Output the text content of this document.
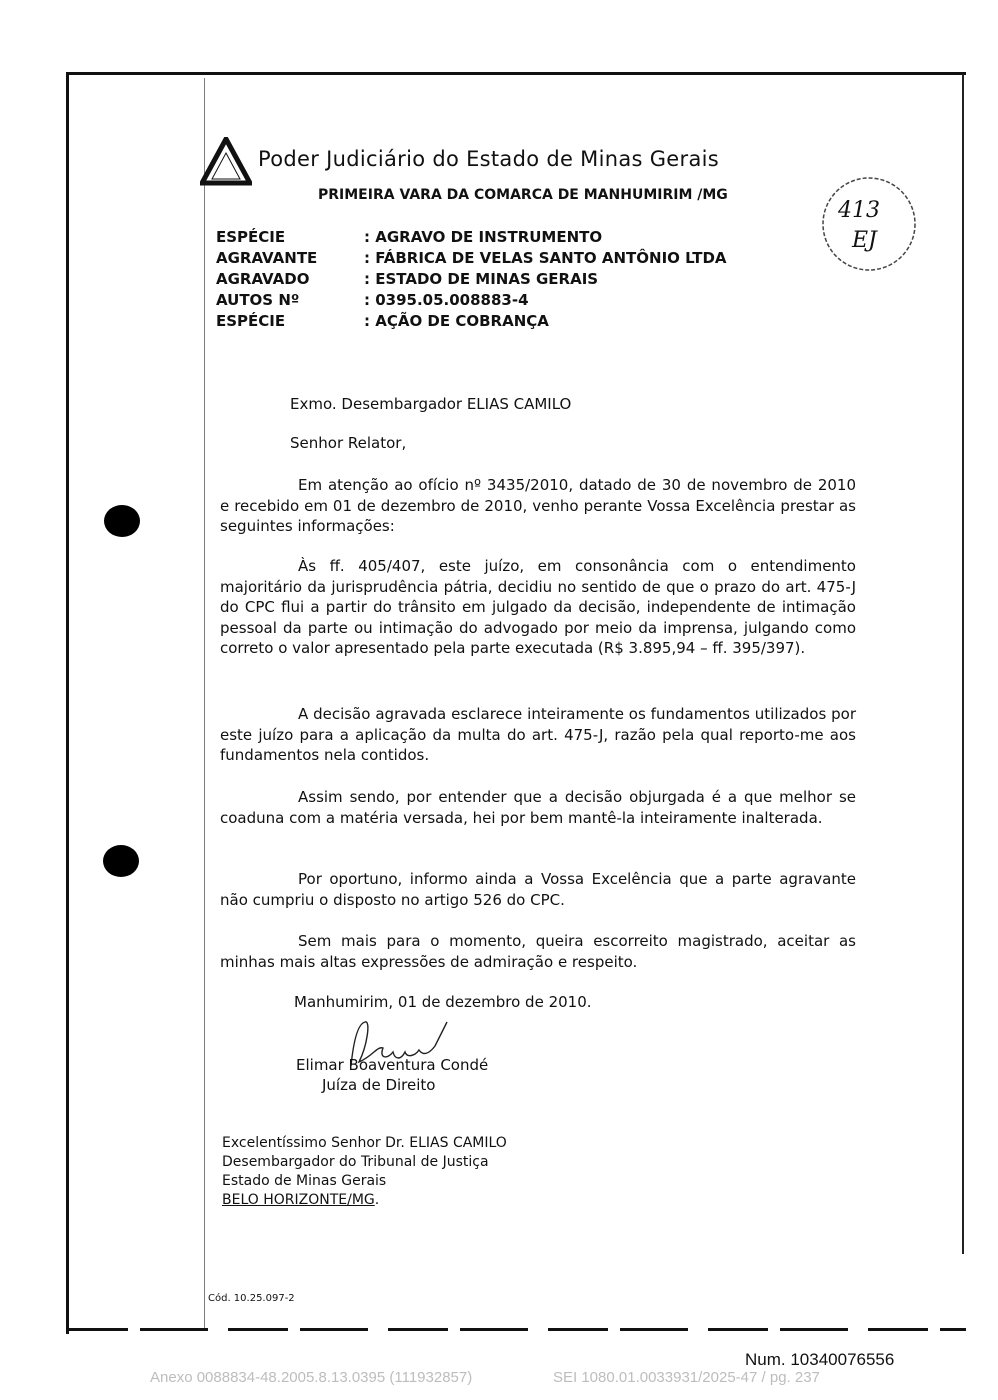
Poder Judiciário do Estado de Minas Gerais
PRIMEIRA VARA DA COMARCA DE MANHUMIRIM /MG
413
EJ
ESPÉCIE	: AGRAVO DE INSTRUMENTO
AGRAVANTE	: FÁBRICA DE VELAS SANTO ANTÔNIO LTDA
AGRAVADO	: ESTADO DE MINAS GERAIS
AUTOS Nº	: 0395.05.008883-4
ESPÉCIE	: AÇÃO DE COBRANÇA
Exmo. Desembargador ELIAS CAMILO
Senhor Relator,
Em atenção ao ofício nº 3435/2010, datado de 30 de novembro de 2010 e recebido em 01 de dezembro de 2010, venho perante Vossa Excelência prestar as seguintes informações:
Às ff. 405/407, este juízo, em consonância com o entendimento majoritário da jurisprudência pátria, decidiu no sentido de que o prazo do art. 475-J do CPC flui a partir do trânsito em julgado da decisão, independente de intimação pessoal da parte ou intimação do advogado por meio da imprensa, julgando como correto o valor apresentado pela parte executada (R$ 3.895,94 – ff. 395/397).
A decisão agravada esclarece inteiramente os fundamentos utilizados por este juízo para a aplicação da multa do art. 475-J, razão pela qual reporto-me aos fundamentos nela contidos.
Assim sendo, por entender que a decisão objurgada é a que melhor se coaduna com a matéria versada, hei por bem mantê-la inteiramente inalterada.
Por oportuno, informo ainda a Vossa Excelência que a parte agravante não cumpriu o disposto no artigo 526 do CPC.
Sem mais para o momento, queira escorreito magistrado, aceitar as minhas mais altas expressões de admiração e respeito.
Manhumirim, 01 de dezembro de 2010.
Elimar Boaventura Condé
Juíza de Direito
Excelentíssimo Senhor Dr. ELIAS CAMILO
Desembargador do Tribunal de Justiça
Estado de Minas Gerais
BELO HORIZONTE/MG.
Cód. 10.25.097-2
Num. 10340076556
Anexo 0088834-48.2005.8.13.0395 (111932857)	SEI 1080.01.0033931/2025-47 / pg. 237
